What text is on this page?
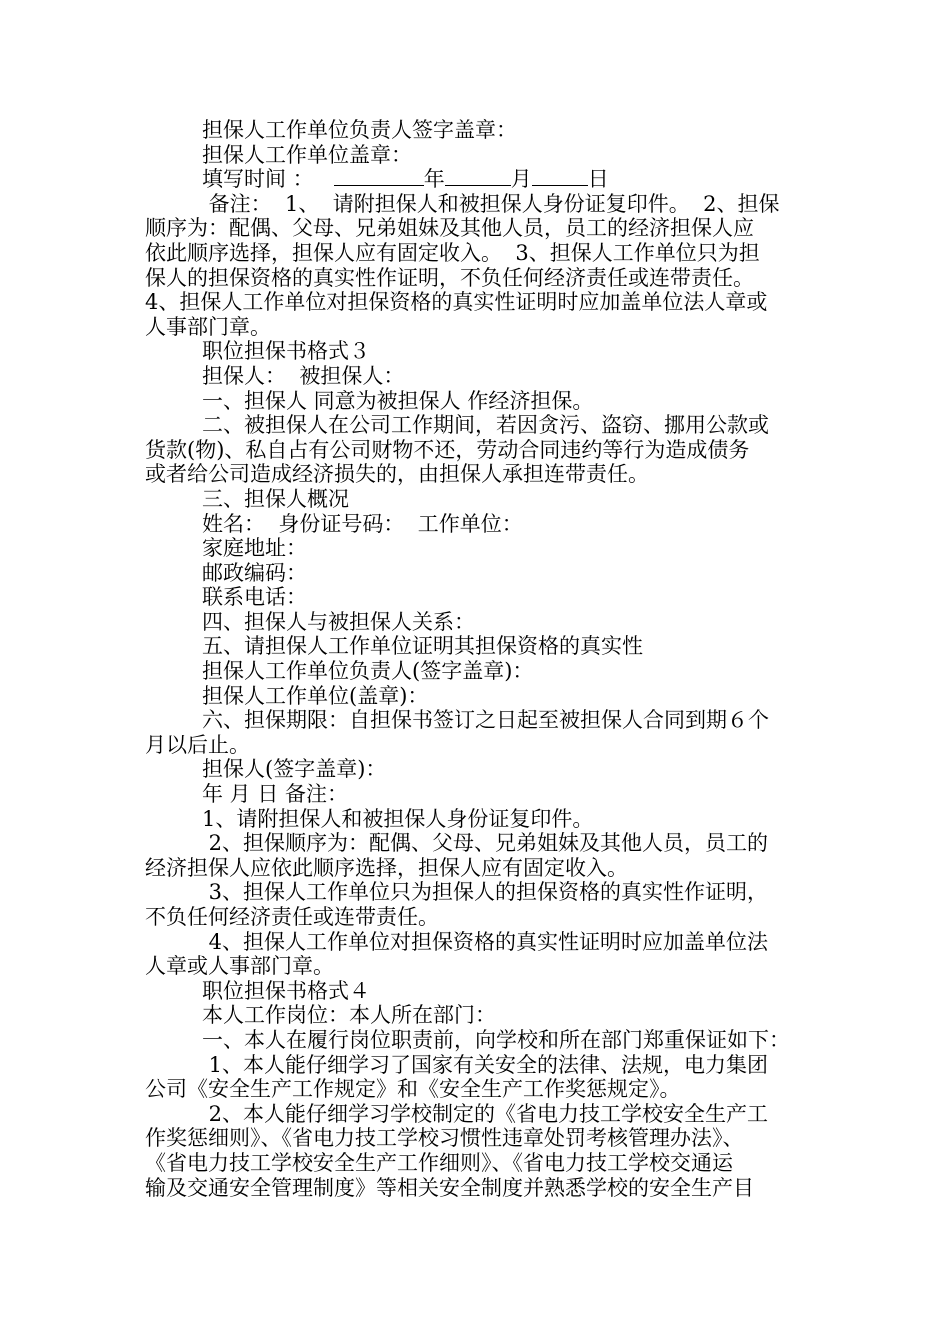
担保人工作单位负责人签字盖章：
担保人工作单位盖章：
填写时间 ：	年	月	日
备注：  1、  请附担保人和被担保人身份证复印件。  2、担保
顺序为：配偶、父母、兄弟姐妹及其他人员，员工的经济担保人应
依此顺序选择，担保人应有固定收入。  3、担保人工作单位只为担
保人的担保资格的真实性作证明，不负任何经济责任或连带责任。
4、担保人工作单位对担保资格的真实性证明时应加盖单位法人章或
人事部门章。
职位担保书格式３
担保人：  被担保人：
一、担保人 同意为被担保人 作经济担保。
二、被担保人在公司工作期间，若因贪污、盗窃、挪用公款或
货款(物)、私自占有公司财物不还，劳动合同违约等行为造成债务
或者给公司造成经济损失的，由担保人承担连带责任。
三、担保人概况
姓名：  身份证号码：  工作单位：
家庭地址：
邮政编码：
联系电话：
四、担保人与被担保人关系：
五、请担保人工作单位证明其担保资格的真实性
担保人工作单位负责人(签字盖章)：
担保人工作单位(盖章)：
六、担保期限：自担保书签订之日起至被担保人合同到期６个
月以后止。
担保人(签字盖章)：
年 月 日 备注：
1、请附担保人和被担保人身份证复印件。
2、担保顺序为：配偶、父母、兄弟姐妹及其他人员，员工的
经济担保人应依此顺序选择，担保人应有固定收入。
3、担保人工作单位只为担保人的担保资格的真实性作证明，
不负任何经济责任或连带责任。
4、担保人工作单位对担保资格的真实性证明时应加盖单位法
人章或人事部门章。
职位担保书格式４
本人工作岗位：本人所在部门：
一、本人在履行岗位职责前，向学校和所在部门郑重保证如下：
1、本人能仔细学习了国家有关安全的法律、法规，电力集团
公司《安全生产工作规定》和《安全生产工作奖惩规定》。
2、本人能仔细学习学校制定的《省电力技工学校安全生产工
作奖惩细则》、《省电力技工学校习惯性违章处罚考核管理办法》、
《省电力技工学校安全生产工作细则》、《省电力技工学校交通运
输及交通安全管理制度》等相关安全制度并熟悉学校的安全生产目
